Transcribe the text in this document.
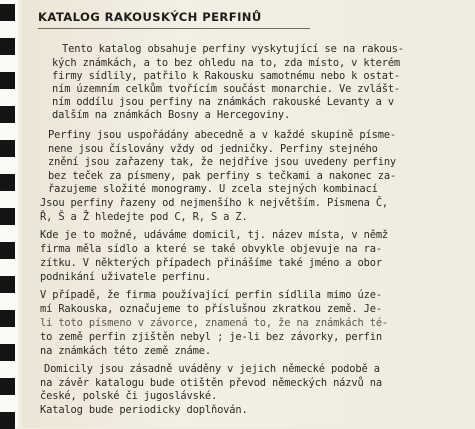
KATALOG RAKOUSKÝCH PERFINŮ
Tento katalog obsahuje perfiny vyskytující se na rakous-
kých známkách, a to bez ohledu na to, zda místo, v kterém
firmy sídlily, patřilo k Rakousku samotnému nebo k ostat-
ním územním celkům tvořícím součást monarchie. Ve zvlášt-
ním oddílu jsou perfiny na známkách rakouské Levanty a v
dalším na známkách Bosny a Hercegoviny.
Perfiny jsou uspořádány abecedně a v každé skupině písme-
nene jsou číslovány vždy od jedničky. Perfiny stejného
znění jsou zařazeny tak, že nejdříve jsou uvedeny perfiny
bez teček za písmeny, pak perfiny s tečkami a nakonec za-
řazujeme složité monogramy. U zcela stejných kombinací
Jsou perfiny řazeny od nejmenšího k největším. Písmena Č,
Ř, Š a Ž hledejte pod C, R, S a Z.
Kde je to možné, udáváme domicil, tj. název místa, v němž
firma měla sídlo a které se také obvykle objevuje na ra-
zítku. V některých případech přinášíme také jméno a obor
podnikání uživatele perfinu.
V případě, že firma používající perfin sídlila mimo úze-
mí Rakouska, označujeme to příslušnou zkratkou země. Je-
li toto písmeno v závorce, znamená to, že na známkách té-
to země perfin zjištěn nebyl ; je-li bez závorky, perfin
na známkách této země známe.
Domicily jsou zásadně uváděny v jejich německé podobě a
na závěr katalogu bude otištěn převod německých názvů na
české, polské či jugoslávské.
Katalog bude periodicky doplňován.
